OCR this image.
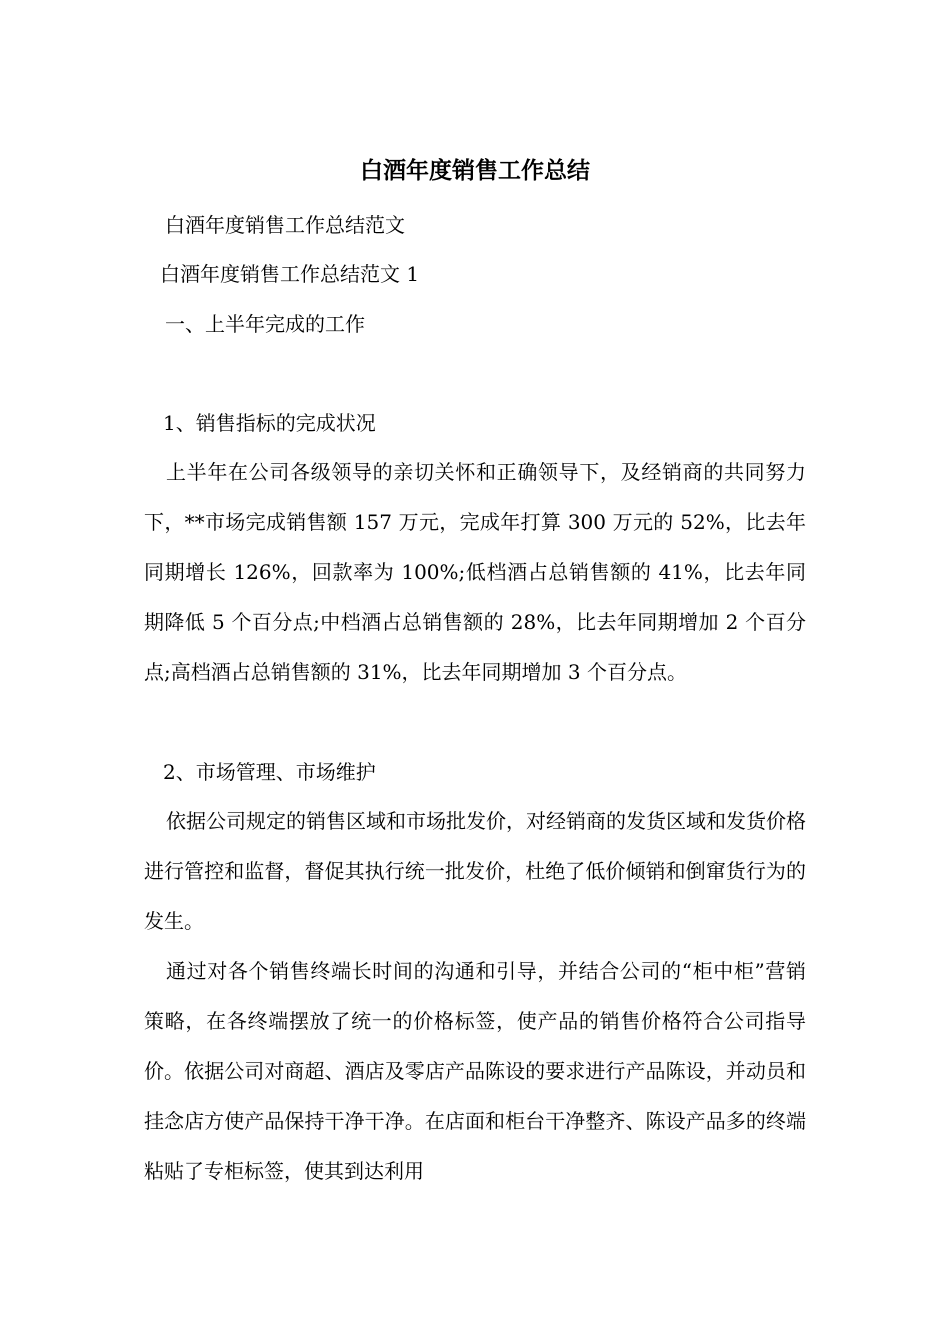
白酒年度销售工作总结

白酒年度销售工作总结范文

白酒年度销售工作总结范文 1

一、上半年完成的工作

1、销售指标的完成状况

上半年在公司各级领导的亲切关怀和正确领导下，及经销商的共同努力下，**市场完成销售额 157 万元，完成年打算 300 万元的 52%，比去年同期增长 126%，回款率为 100%;低档酒占总销售额的 41%，比去年同期降低 5 个百分点;中档酒占总销售额的 28%，比去年同期增加 2 个百分点;高档酒占总销售额的 31%，比去年同期增加 3 个百分点。

2、市场管理、市场维护

依据公司规定的销售区域和市场批发价，对经销商的发货区域和发货价格进行管控和监督，督促其执行统一批发价，杜绝了低价倾销和倒窜货行为的发生。

通过对各个销售终端长时间的沟通和引导，并结合公司的“柜中柜”营销策略，在各终端摆放了统一的价格标签，使产品的销售价格符合公司指导价。依据公司对商超、酒店及零店产品陈设的要求进行产品陈设，并动员和挂念店方使产品保持干净干净。在店面和柜台干净整齐、陈设产品多的终端粘贴了专柜标签，使其到达利用
